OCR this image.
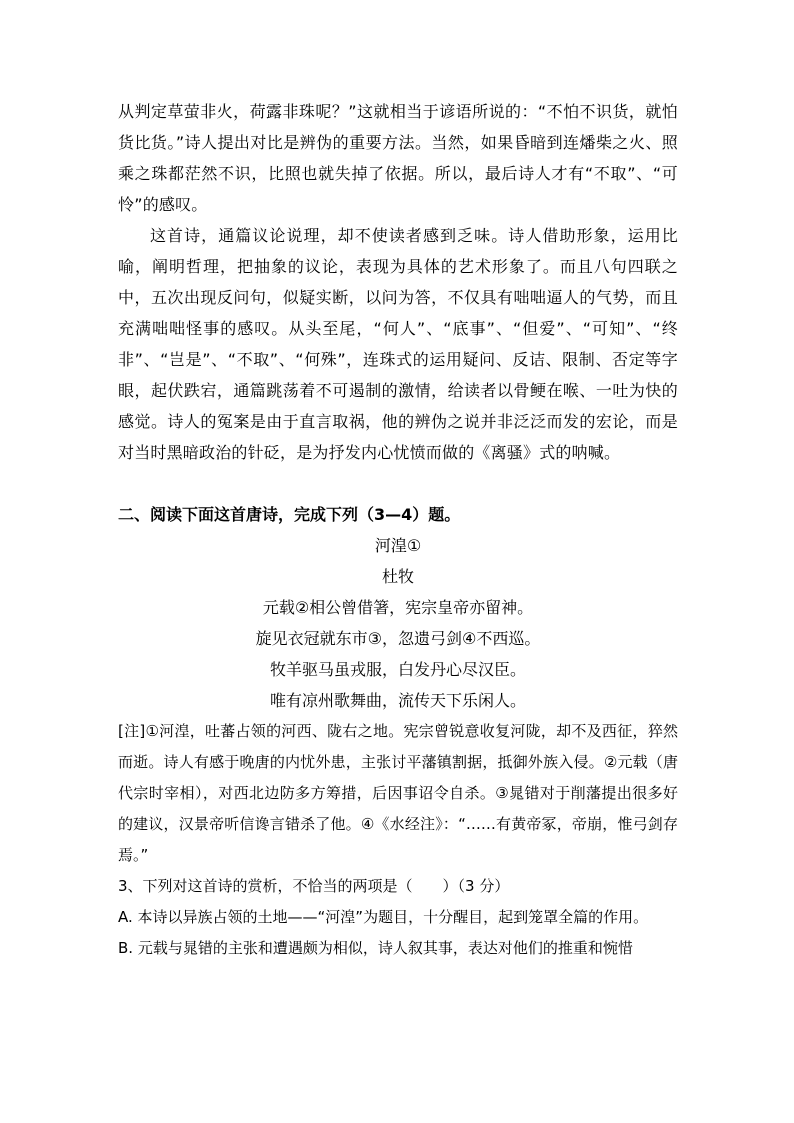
从判定草萤非火，荷露非珠呢？”这就相当于谚语所说的：“不怕不识货，就怕货比货。”诗人提出对比是辨伪的重要方法。当然，如果昏暗到连燔柴之火、照乘之珠都茫然不识，比照也就失掉了依据。所以，最后诗人才有“不取”、“可怜”的感叹。

这首诗，通篇议论说理，却不使读者感到乏味。诗人借助形象，运用比喻，阐明哲理，把抽象的议论，表现为具体的艺术形象了。而且八句四联之中，五次出现反问句，似疑实断，以问为答，不仅具有咄咄逼人的气势，而且充满咄咄怪事的感叹。从头至尾，“何人”、“底事”、“但爱”、“可知”、“终非”、“岂是”、“不取”、“何殊”，连珠式的运用疑问、反诘、限制、否定等字眼，起伏跌宕，通篇跳荡着不可遏制的激情，给读者以骨鲠在喉、一吐为快的感觉。诗人的冤案是由于直言取祸，他的辨伪之说并非泛泛而发的宏论，而是对当时黑暗政治的针砭，是为抒发内心忧愤而做的《离骚》式的呐喊。

二、阅读下面这首唐诗，完成下列（3—4）题。

河湟①

杜牧

元载②相公曾借箸，宪宗皇帝亦留神。

旋见衣冠就东市③，忽遗弓剑④不西巡。

牧羊驱马虽戎服，白发丹心尽汉臣。

唯有凉州歌舞曲，流传天下乐闲人。

[注]①河湟，吐蕃占领的河西、陇右之地。宪宗曾锐意收复河陇，却不及西征，猝然而逝。诗人有感于晚唐的内忧外患，主张讨平藩镇割据，抵御外族入侵。②元载（唐代宗时宰相），对西北边防多方筹措，后因事诏令自杀。③晁错对于削藩提出很多好的建议，汉景帝听信谗言错杀了他。④《水经注》：“……有黄帝冢，帝崩，惟弓剑存焉。”

3、下列对这首诗的赏析，不恰当的两项是（　　）（3 分）

A. 本诗以异族占领的土地——“河湟”为题目，十分醒目，起到笼罩全篇的作用。

B. 元载与晁错的主张和遭遇颇为相似，诗人叙其事，表达对他们的推重和惋惜
